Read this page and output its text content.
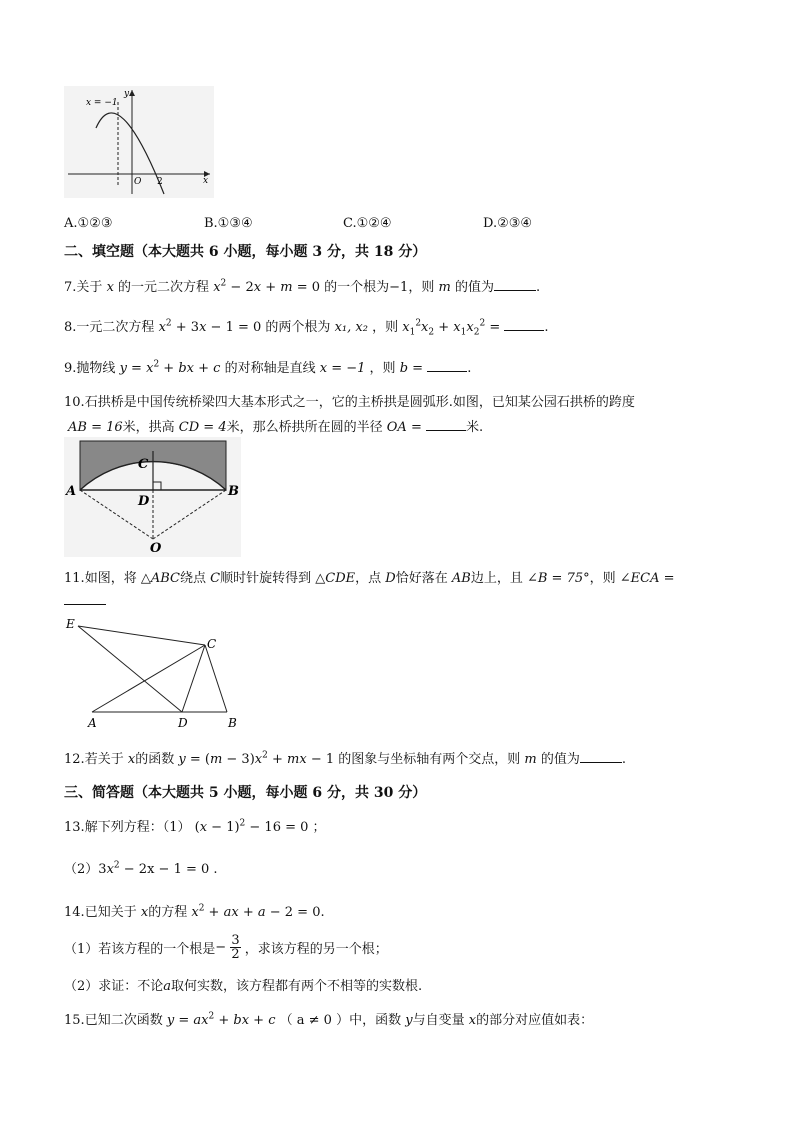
x = −1
y
x
O 2
A.①②③	B.①③④	C.①②④	D.②③④
二、填空题（本大题共 6 小题，每小题 3 分，共 18 分）
7.关于 x 的一元二次方程 $x^2 - 2x + m = 0$ 的一个根为−1，则 m 的值为	.
8.一元二次方程 $x^2 + 3x - 1 = 0$ 的两个根为 x₁, x₂ ，则 $x_1^2x_2 + x_1x_2^2$ =	.
9.抛物线 $y = x^2$ + bx + c 的对称轴是直线 x = −1 ，则 b =	.
10.石拱桥是中国传统桥梁四大基本形式之一，它的主桥拱是圆弧形.如图，已知某公园石拱桥的跨度
AB = 16米，拱高 CD = 4米，那么桥拱所在圆的半径 OA =	米.
A	B
C
D
O
11.如图，将 △ABC绕点 C顺时针旋转得到 △CDE，点 D恰好落在 AB边上，且 ∠B = 75°，则 ∠ECA =
E
C
A	D	B
12.若关于 x的函数 $y = (m - 3)x^2$ + mx − 1 的图象与坐标轴有两个交点，则 m 的值为	.
三、简答题（本大题共 5 小题，每小题 6 分，共 30 分）
13.解下列方程：（1） $(x - 1)^2 - 16 = 0$ ；
$(2)3x^2 - 2x - 1 = 0$ .
14.已知关于 x的方程 $x^2$ + ax + a − 2 = 0.
（1）若该方程的一个根是− $\frac{3}{2}$ ，求该方程的另一个根；
（2）求证：不论a取何实数，该方程都有两个不相等的实数根.
15.已知二次函数 $y = ax^2$ + bx + c （ a ≠ 0 ）中，函数 y与自变量 x的部分对应值如表：
